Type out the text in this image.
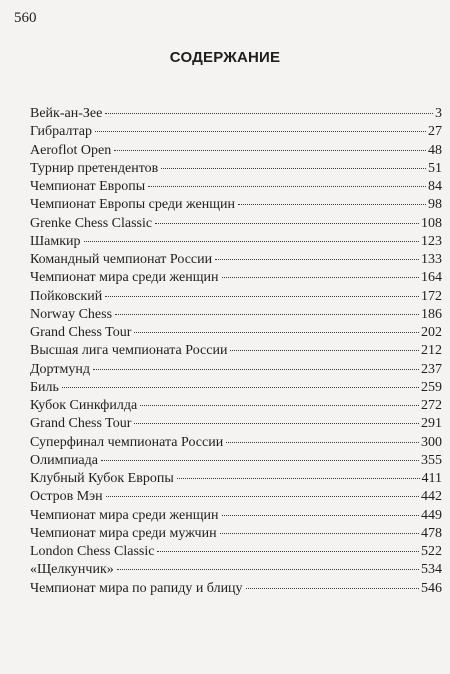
560
СОДЕРЖАНИЕ
Вейк-ан-Зее	3
Гибралтар	27
Aeroflot Open	48
Турнир претендентов	51
Чемпионат Европы	84
Чемпионат Европы среди женщин	98
Grenke Chess Classic	108
Шамкир	123
Командный чемпионат России	133
Чемпионат мира среди женщин	164
Пойковский	172
Norway Chess	186
Grand Chess Tour	202
Высшая лига чемпионата России	212
Дортмунд	237
Биль	259
Кубок Синкфилда	272
Grand Chess Tour	291
Суперфинал чемпионата России	300
Олимпиада	355
Клубный Кубок Европы	411
Остров Мэн	442
Чемпионат мира среди женщин	449
Чемпионат мира среди мужчин	478
London Chess Classic	522
«Щелкунчик»	534
Чемпионат мира по рапиду и блицу	546
